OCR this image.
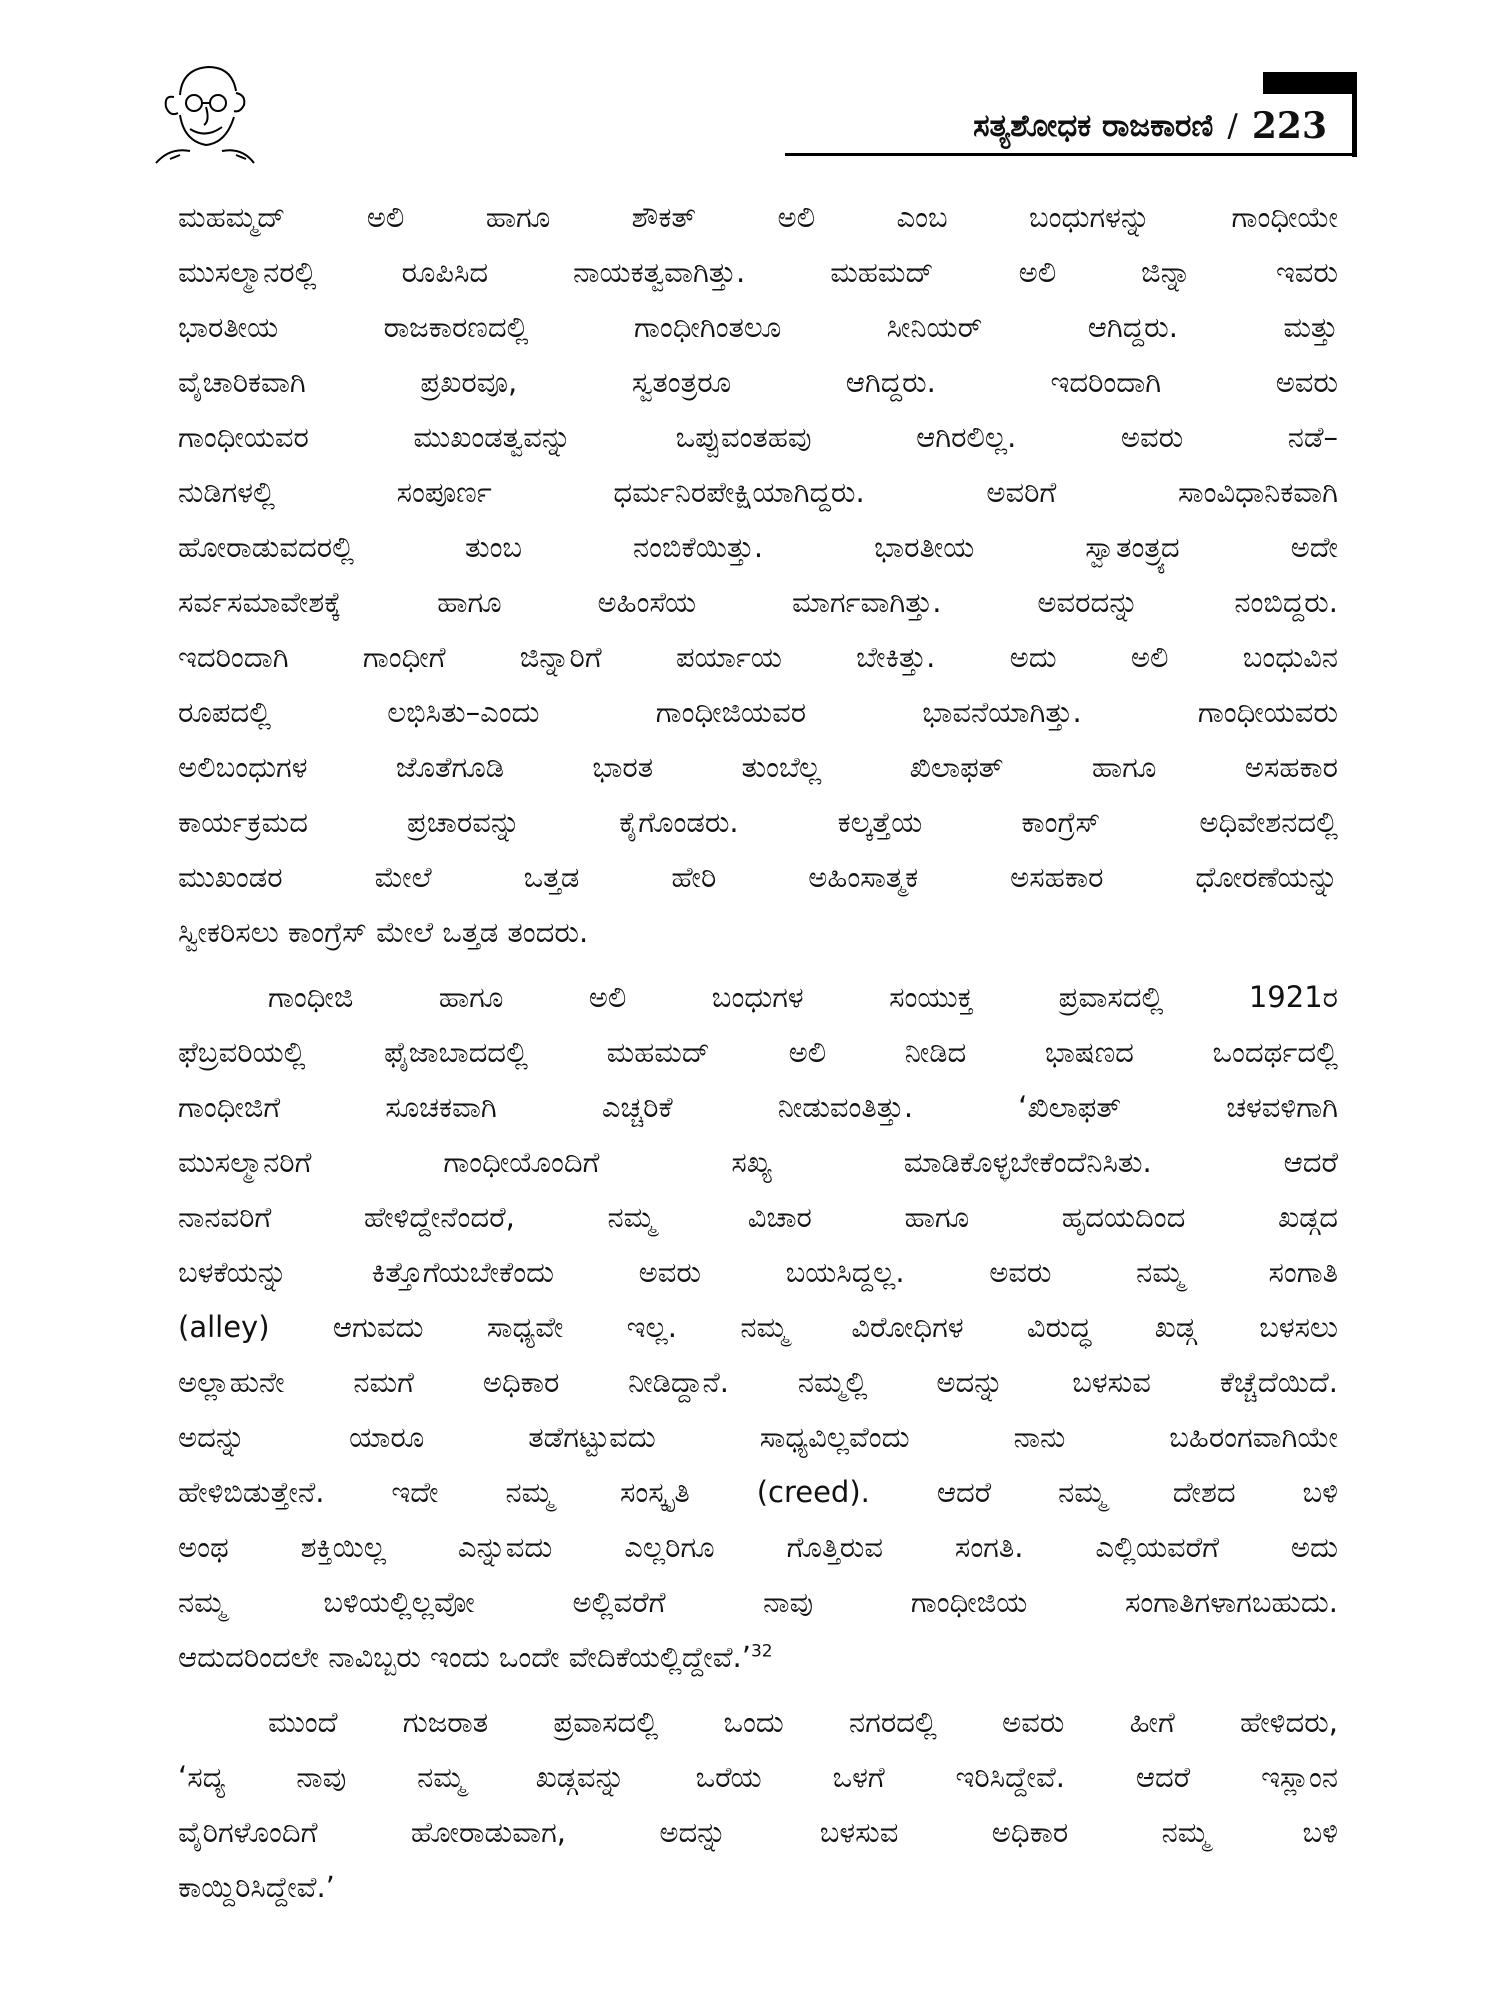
ಸತ್ಯಶೋಧಕ ರಾಜಕಾರಣಿ / 223
ಮಹಮ್ಮದ್ ಅಲಿ ಹಾಗೂ ಶೌಕತ್ ಅಲಿ ಎಂಬ ಬಂಧುಗಳನ್ನು ಗಾಂಧೀಯೇ
ಮುಸಲ್ಮಾನರಲ್ಲಿ ರೂಪಿಸಿದ ನಾಯಕತ್ವವಾಗಿತ್ತು. ಮಹಮದ್ ಅಲಿ ಜಿನ್ನಾ ಇವರು
ಭಾರತೀಯ ರಾಜಕಾರಣದಲ್ಲಿ ಗಾಂಧೀಗಿಂತಲೂ ಸೀನಿಯರ್ ಆಗಿದ್ದರು. ಮತ್ತು
ವೈಚಾರಿಕವಾಗಿ ಪ್ರಖರವೂ, ಸ್ವತಂತ್ರರೂ ಆಗಿದ್ದರು. ಇದರಿಂದಾಗಿ ಅವರು
ಗಾಂಧೀಯವರ ಮುಖಂಡತ್ವವನ್ನು ಒಪ್ಪುವಂತಹವು ಆಗಿರಲಿಲ್ಲ. ಅವರು ನಡೆ–
ನುಡಿಗಳಲ್ಲಿ ಸಂಪೂರ್ಣ ಧರ್ಮನಿರಪೇಕ್ಷಿಯಾಗಿದ್ದರು. ಅವರಿಗೆ ಸಾಂವಿಧಾನಿಕವಾಗಿ
ಹೋರಾಡುವದರಲ್ಲಿ ತುಂಬ ನಂಬಿಕೆಯಿತ್ತು. ಭಾರತೀಯ ಸ್ವಾತಂತ್ರ್ಯದ ಅದೇ
ಸರ್ವಸಮಾವೇಶಕ್ಕೆ ಹಾಗೂ ಅಹಿಂಸೆಯ ಮಾರ್ಗವಾಗಿತ್ತು. ಅವರದನ್ನು ನಂಬಿದ್ದರು.
ಇದರಿಂದಾಗಿ ಗಾಂಧೀಗೆ ಜಿನ್ನಾರಿಗೆ ಪರ್ಯಾಯ ಬೇಕಿತ್ತು. ಅದು ಅಲಿ ಬಂಧುವಿನ
ರೂಪದಲ್ಲಿ ಲಭಿಸಿತು–ಎಂದು ಗಾಂಧೀಜಿಯವರ ಭಾವನೆಯಾಗಿತ್ತು. ಗಾಂಧೀಯವರು
ಅಲಿಬಂಧುಗಳ ಜೊತೆಗೂಡಿ ಭಾರತ ತುಂಬೆಲ್ಲ ಖಿಲಾಫತ್ ಹಾಗೂ ಅಸಹಕಾರ
ಕಾರ್ಯಕ್ರಮದ ಪ್ರಚಾರವನ್ನು ಕೈಗೊಂಡರು. ಕಲ್ಕತ್ತೆಯ ಕಾಂಗ್ರೆಸ್ ಅಧಿವೇಶನದಲ್ಲಿ
ಮುಖಂಡರ ಮೇಲೆ ಒತ್ತಡ ಹೇರಿ ಅಹಿಂಸಾತ್ಮಕ ಅಸಹಕಾರ ಧೋರಣೆಯನ್ನು
ಸ್ವೀಕರಿಸಲು ಕಾಂಗ್ರೆಸ್ ಮೇಲೆ ಒತ್ತಡ ತಂದರು.
ಗಾಂಧೀಜಿ ಹಾಗೂ ಅಲಿ ಬಂಧುಗಳ ಸಂಯುಕ್ತ ಪ್ರವಾಸದಲ್ಲಿ 1921ರ
ಫೆಬ್ರವರಿಯಲ್ಲಿ ಫೈಜಾಬಾದದಲ್ಲಿ ಮಹಮದ್ ಅಲಿ ನೀಡಿದ ಭಾಷಣದ ಒಂದರ್ಥದಲ್ಲಿ
ಗಾಂಧೀಜಿಗೆ ಸೂಚಕವಾಗಿ ಎಚ್ಚರಿಕೆ ನೀಡುವಂತಿತ್ತು. ‘ಖಿಲಾಫತ್ ಚಳವಳಿಗಾಗಿ
ಮುಸಲ್ಮಾನರಿಗೆ ಗಾಂಧೀಯೊಂದಿಗೆ ಸಖ್ಯ ಮಾಡಿಕೊಳ್ಳಬೇಕೆಂದೆನಿಸಿತು. ಆದರೆ
ನಾನವರಿಗೆ ಹೇಳಿದ್ದೇನೆಂದರೆ, ನಮ್ಮ ವಿಚಾರ ಹಾಗೂ ಹೃದಯದಿಂದ ಖಡ್ಗದ
ಬಳಕೆಯನ್ನು ಕಿತ್ತೊಗೆಯಬೇಕೆಂದು ಅವರು ಬಯಸಿದ್ದಲ್ಲ. ಅವರು ನಮ್ಮ ಸಂಗಾತಿ
(alley) ಆಗುವದು ಸಾಧ್ಯವೇ ಇಲ್ಲ. ನಮ್ಮ ವಿರೋಧಿಗಳ ವಿರುದ್ಧ ಖಡ್ಗ ಬಳಸಲು
ಅಲ್ಲಾಹುನೇ ನಮಗೆ ಅಧಿಕಾರ ನೀಡಿದ್ದಾನೆ. ನಮ್ಮಲ್ಲಿ ಅದನ್ನು ಬಳಸುವ ಕೆಚ್ಚೆದೆಯಿದೆ.
ಅದನ್ನು ಯಾರೂ ತಡೆಗಟ್ಟುವದು ಸಾಧ್ಯವಿಲ್ಲವೆಂದು ನಾನು ಬಹಿರಂಗವಾಗಿಯೇ
ಹೇಳಿಬಿಡುತ್ತೇನೆ. ಇದೇ ನಮ್ಮ ಸಂಸ್ಕೃತಿ (creed). ಆದರೆ ನಮ್ಮ ದೇಶದ ಬಳಿ
ಅಂಥ ಶಕ್ತಿಯಿಲ್ಲ ಎನ್ನುವದು ಎಲ್ಲರಿಗೂ ಗೊತ್ತಿರುವ ಸಂಗತಿ. ಎಲ್ಲಿಯವರೆಗೆ ಅದು
ನಮ್ಮ ಬಳಿಯಲ್ಲಿಲ್ಲವೋ ಅಲ್ಲಿವರೆಗೆ ನಾವು ಗಾಂಧೀಜಿಯ ಸಂಗಾತಿಗಳಾಗಬಹುದು.
ಆದುದರಿಂದಲೇ ನಾವಿಬ್ಬರು ಇಂದು ಒಂದೇ ವೇದಿಕೆಯಲ್ಲಿದ್ದೇವೆ.’$^{32}$
ಮುಂದೆ ಗುಜರಾತ ಪ್ರವಾಸದಲ್ಲಿ ಒಂದು ನಗರದಲ್ಲಿ ಅವರು ಹೀಗೆ ಹೇಳಿದರು,
‘ಸದ್ಯ ನಾವು ನಮ್ಮ ಖಡ್ಗವನ್ನು ಒರೆಯ ಒಳಗೆ ಇರಿಸಿದ್ದೇವೆ. ಆದರೆ ಇಸ್ಲಾಂನ
ವೈರಿಗಳೊಂದಿಗೆ ಹೋರಾಡುವಾಗ, ಅದನ್ನು ಬಳಸುವ ಅಧಿಕಾರ ನಮ್ಮ ಬಳಿ
ಕಾಯ್ದಿರಿಸಿದ್ದೇವೆ.’
